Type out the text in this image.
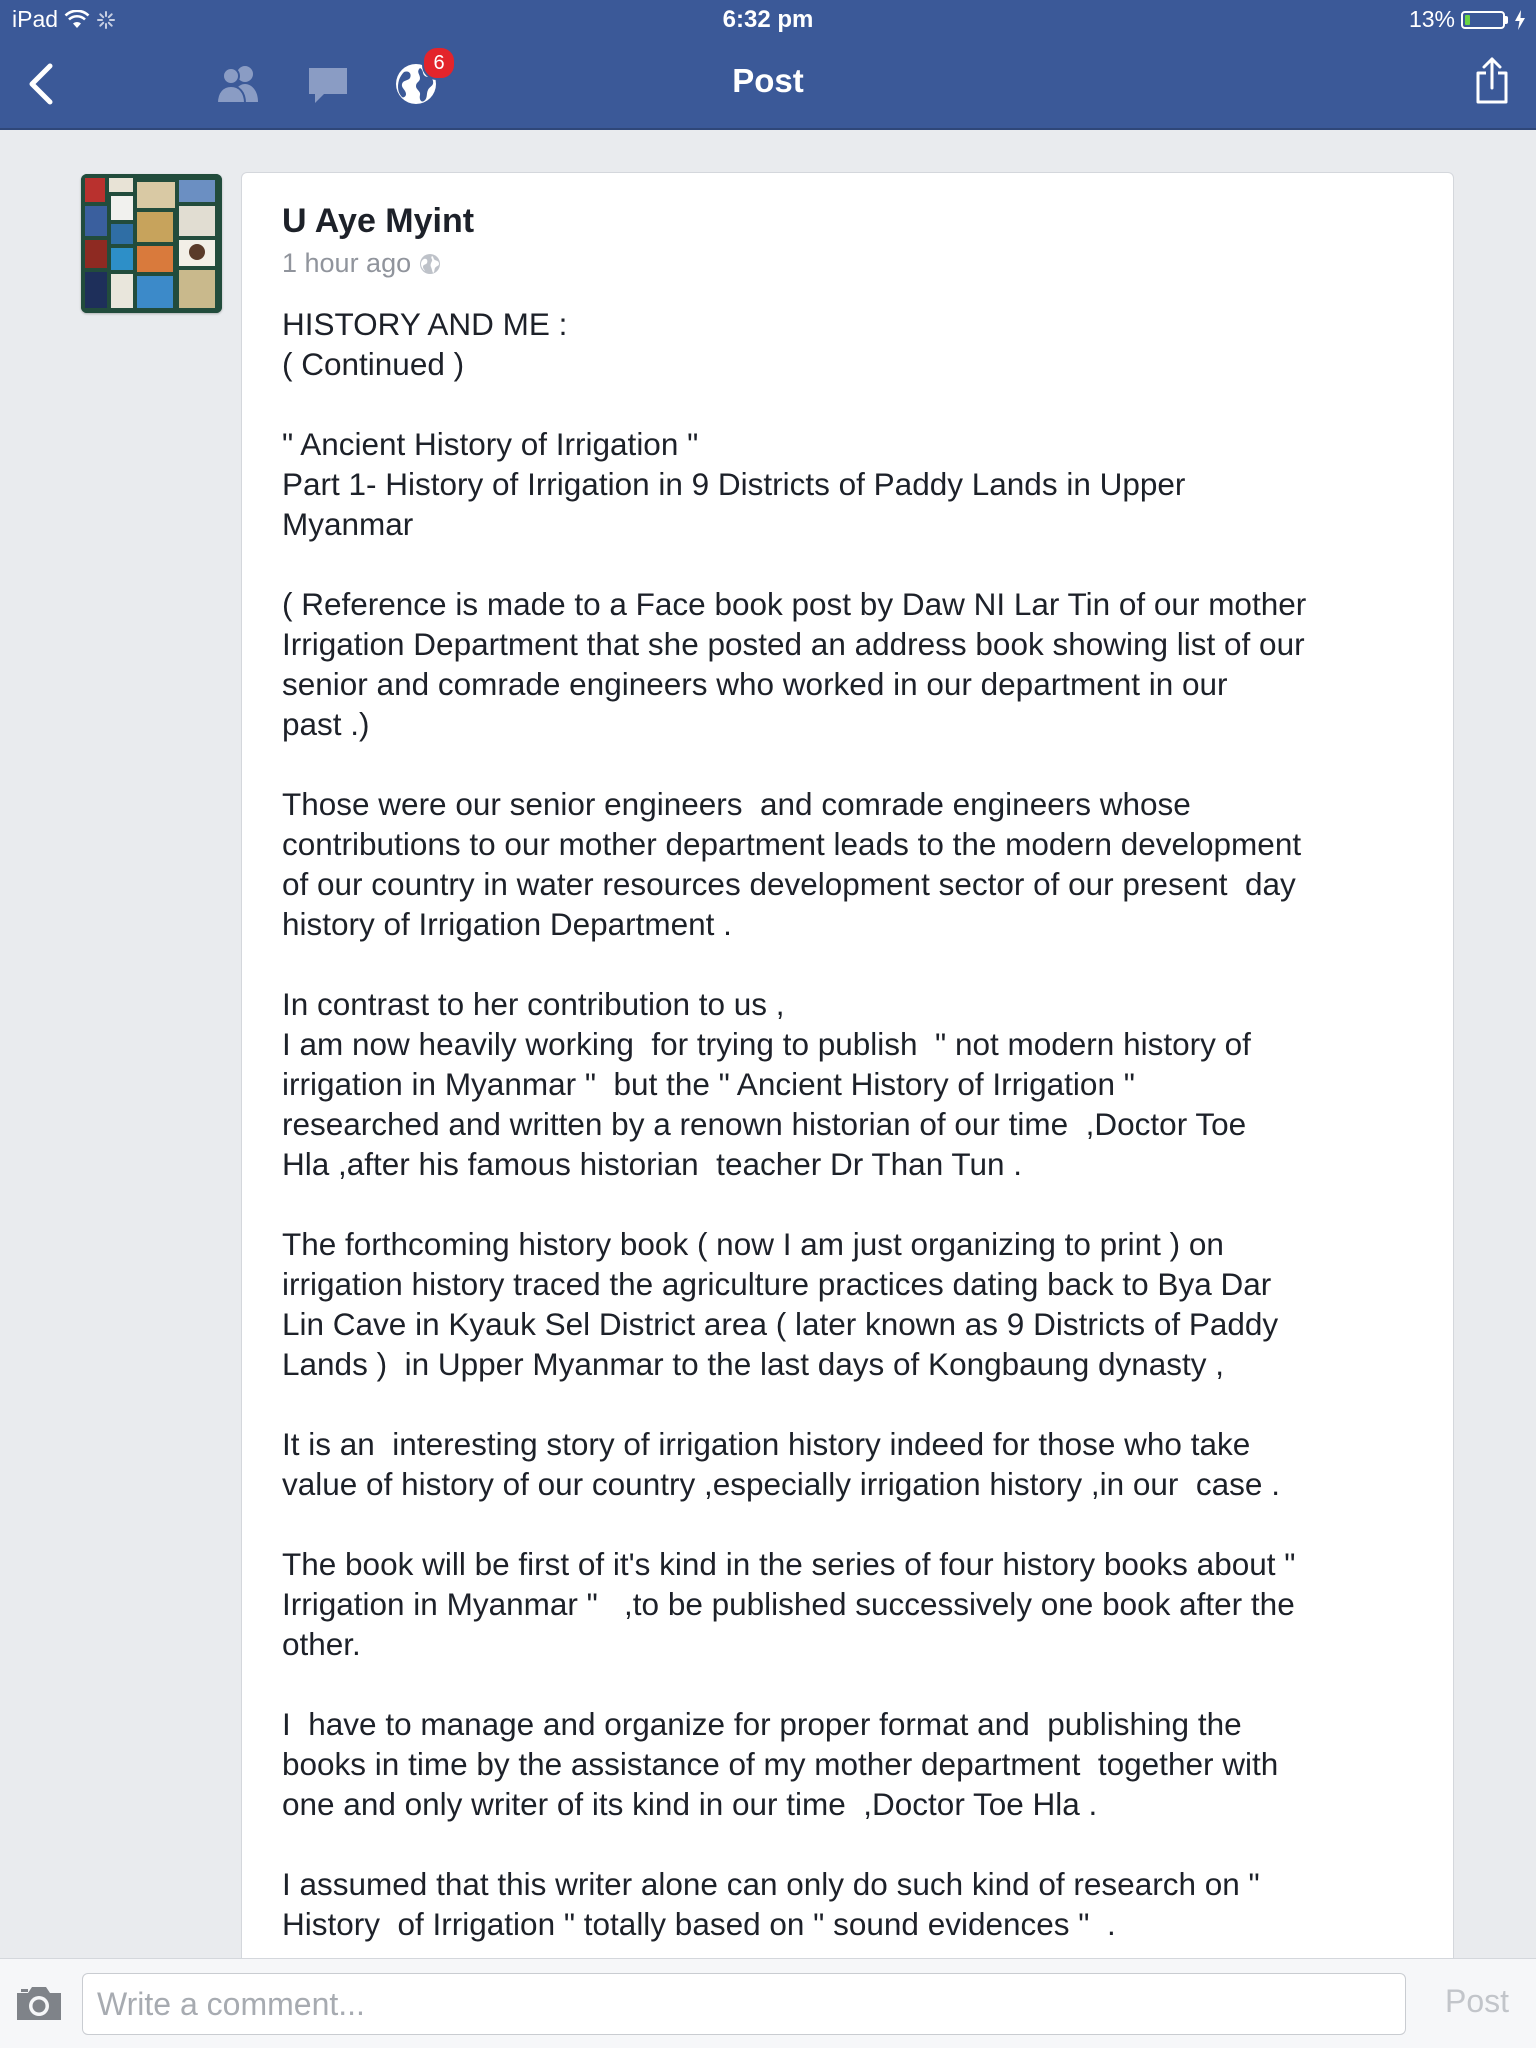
iPad	6:32 pm	13%
6	Post
U Aye Myint
1 hour ago
HISTORY AND ME :
( Continued )
" Ancient History of Irrigation "
Part 1- History of Irrigation in 9 Districts of Paddy Lands in Upper
Myanmar
( Reference is made to a Face book post by Daw NI Lar Tin of our mother
Irrigation Department that she posted an address book showing list of our
senior and comrade engineers who worked in our department in our
past .)
Those were our senior engineers  and comrade engineers whose
contributions to our mother department leads to the modern development
of our country in water resources development sector of our present  day
history of Irrigation Department .
In contrast to her contribution to us ,
I am now heavily working  for trying to publish  " not modern history of
irrigation in Myanmar "  but the " Ancient History of Irrigation "
researched and written by a renown historian of our time  ,Doctor Toe
Hla ,after his famous historian  teacher Dr Than Tun .
The forthcoming history book ( now I am just organizing to print ) on
irrigation history traced the agriculture practices dating back to Bya Dar
Lin Cave in Kyauk Sel District area ( later known as 9 Districts of Paddy
Lands )  in Upper Myanmar to the last days of Kongbaung dynasty ,
It is an  interesting story of irrigation history indeed for those who take
value of history of our country ,especially irrigation history ,in our  case .
The book will be first of it's kind in the series of four history books about "
Irrigation in Myanmar "   ,to be published successively one book after the
other.
I  have to manage and organize for proper format and  publishing the
books in time by the assistance of my mother department  together with
one and only writer of its kind in our time  ,Doctor Toe Hla .
I assumed that this writer alone can only do such kind of research on "
History  of Irrigation " totally based on " sound evidences "  .
Write a comment...
Post
